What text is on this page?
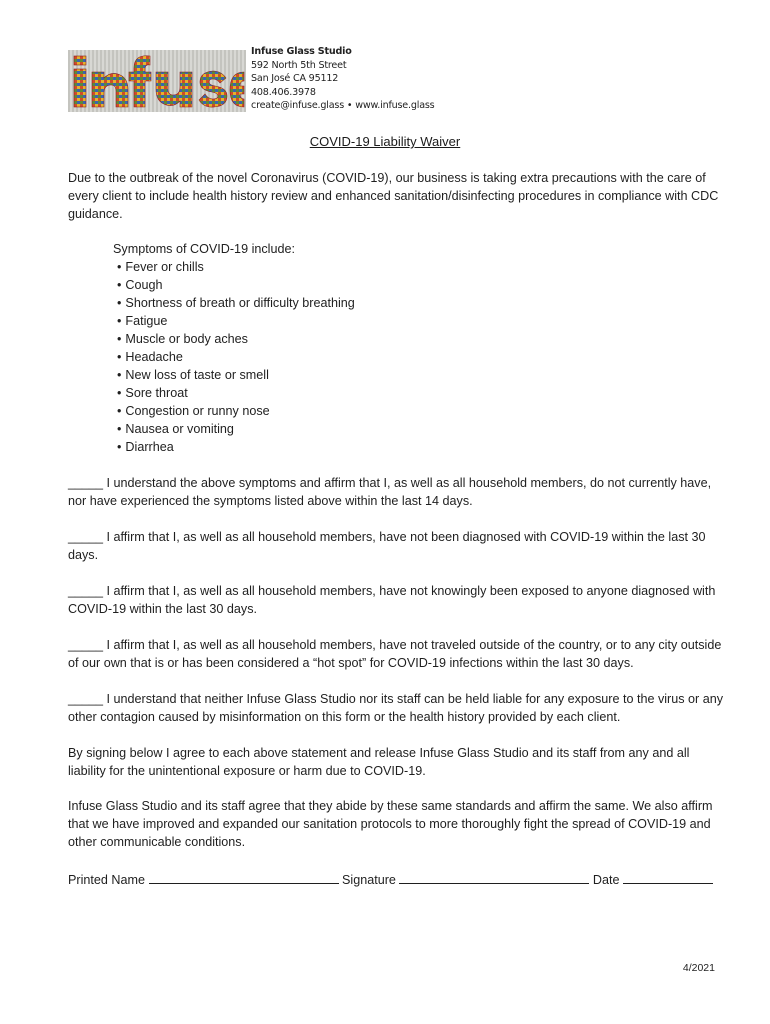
Infuse Glass Studio
592 North 5th Street
San José CA 95112
408.406.3978
create@infuse.glass • www.infuse.glass
COVID-19 Liability Waiver
Due to the outbreak of the novel Coronavirus (COVID-19), our business is taking extra precautions with the care of every client to include health history review and enhanced sanitation/disinfecting procedures in compliance with CDC guidance.
Symptoms of COVID-19 include:
• Fever or chills
• Cough
• Shortness of breath or difficulty breathing
• Fatigue
• Muscle or body aches
• Headache
• New loss of taste or smell
• Sore throat
• Congestion or runny nose
• Nausea or vomiting
• Diarrhea
_____ I understand the above symptoms and affirm that I, as well as all household members, do not currently have, nor have experienced the symptoms listed above within the last 14 days.
_____ I affirm that I, as well as all household members, have not been diagnosed with COVID-19 within the last 30 days.
_____ I affirm that I, as well as all household members, have not knowingly been exposed to anyone diagnosed with COVID-19 within the last 30 days.
_____ I affirm that I, as well as all household members, have not traveled outside of the country, or to any city outside of our own that is or has been considered a “hot spot” for COVID-19 infections within the last 30 days.
_____ I understand that neither Infuse Glass Studio nor its staff can be held liable for any exposure to the virus or any other contagion caused by misinformation on this form or the health history provided by each client.
By signing below I agree to each above statement and release Infuse Glass Studio and its staff from any and all liability for the unintentional exposure or harm due to COVID-19.
Infuse Glass Studio and its staff agree that they abide by these same standards and affirm the same. We also affirm that we have improved and expanded our sanitation protocols to more thoroughly fight the spread of COVID-19 and other communicable conditions.
Printed Name	Signature	Date
4/2021
